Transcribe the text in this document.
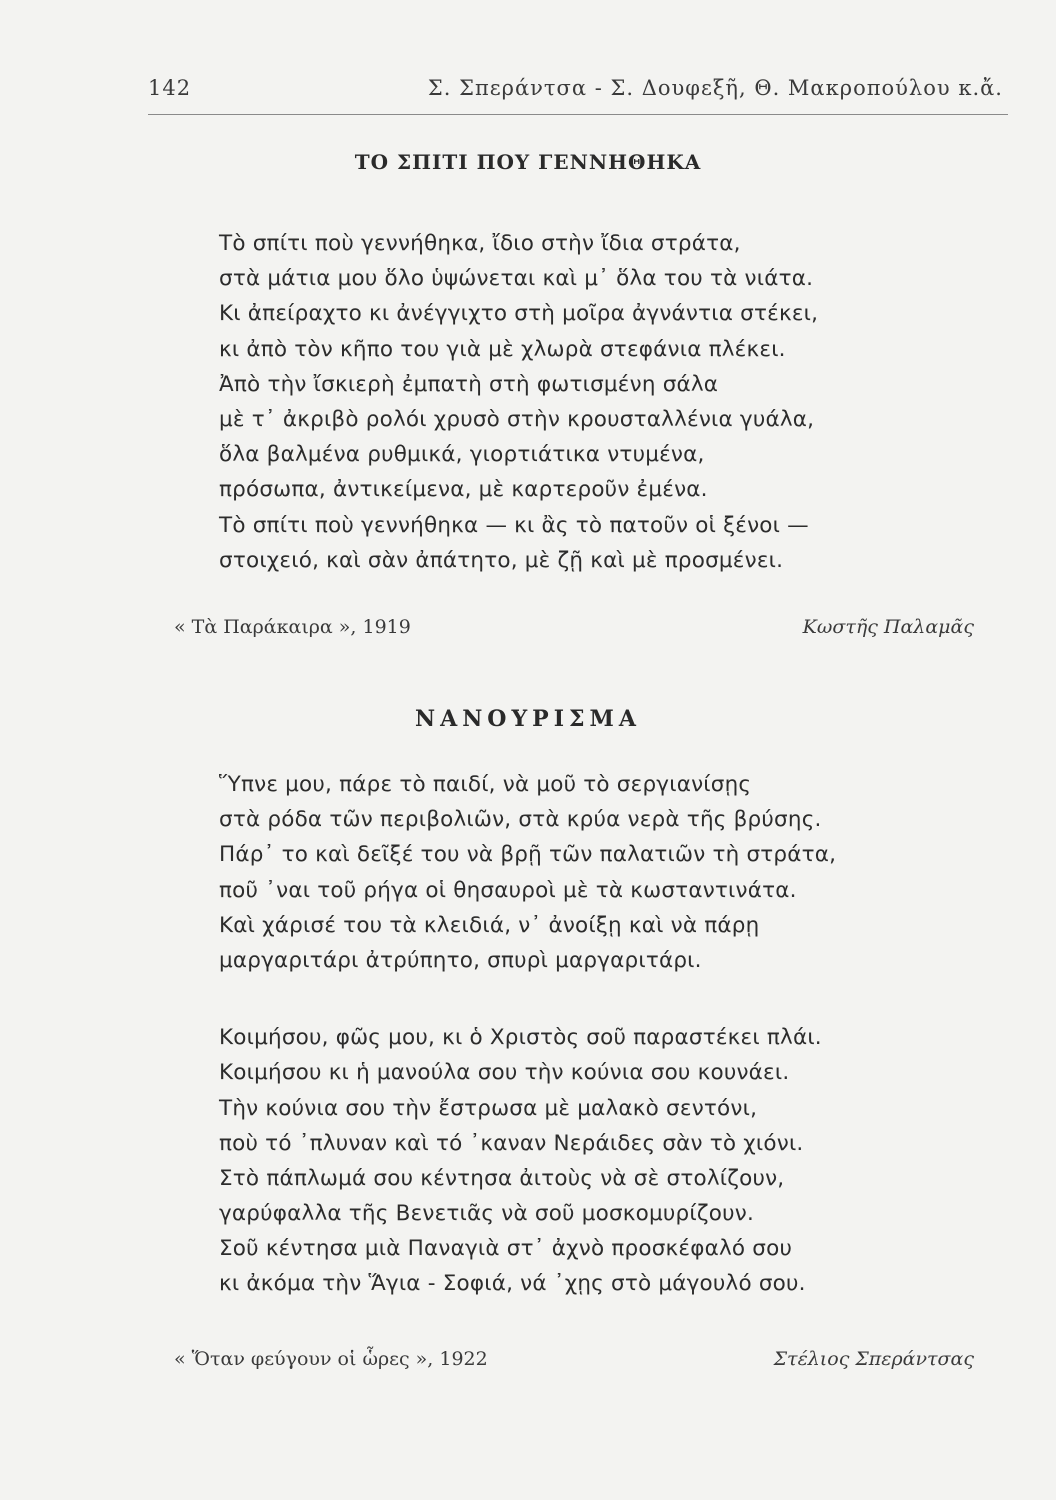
142	Σ. Σπεράντσα - Σ. Δουφεξῆ, Θ. Μακροπούλου κ.ἄ.
ΤΟ ΣΠΙΤΙ ΠΟΥ ΓΕΝΝΗΘΗΚΑ
Τὸ σπίτι ποὺ γεννήθηκα, ἴδιο στὴν ἴδια στράτα,
στὰ μάτια μου ὅλο ὑψώνεται καὶ μ᾿ ὅλα του τὰ νιάτα.
Κι ἀπείραχτο κι ἀνέγγιχτο στὴ μοῖρα ἀγνάντια στέκει,
κι ἀπὸ τὸν κῆπο του γιὰ μὲ χλωρὰ στεφάνια πλέκει.
Ἀπὸ τὴν ἴσκιερὴ ἐμπατὴ στὴ φωτισμένη σάλα
μὲ τ᾿ ἀκριβὸ ρολόι χρυσὸ στὴν κρουσταλλένια γυάλα,
ὅλα βαλμένα ρυθμικά, γιορτιάτικα ντυμένα,
πρόσωπα, ἀντικείμενα, μὲ καρτεροῦν ἐμένα.
Τὸ σπίτι ποὺ γεννήθηκα — κι ἂς τὸ πατοῦν οἱ ξένοι —
στοιχειό, καὶ σὰν ἀπάτητο, μὲ ζῇ καὶ μὲ προσμένει.
« Τὰ Παράκαιρα », 1919	Κωστῆς Παλαμᾶς
ΝΑΝΟΥΡΙΣΜΑ
Ὕπνε μου, πάρε τὸ παιδί, νὰ μοῦ τὸ σεργιανίσῃς
στὰ ρόδα τῶν περιβολιῶν, στὰ κρύα νερὰ τῆς βρύσης.
Πάρ᾿ το καὶ δεῖξέ του νὰ βρῇ τῶν παλατιῶν τὴ στράτα,
ποῦ ᾿ναι τοῦ ρήγα οἱ θησαυροὶ μὲ τὰ κωσταντινάτα.
Καὶ χάρισέ του τὰ κλειδιά, ν᾿ ἀνοίξῃ καὶ νὰ πάρῃ
μαργαριτάρι ἀτρύπητο, σπυρὶ μαργαριτάρι.
Κοιμήσου, φῶς μου, κι ὁ Χριστὸς σοῦ παραστέκει πλάι.
Κοιμήσου κι ἡ μανούλα σου τὴν κούνια σου κουνάει.
Τὴν κούνια σου τὴν ἔστρωσα μὲ μαλακὸ σεντόνι,
ποὺ τό ᾿πλυναν καὶ τό ᾿καναν Νεράιδες σὰν τὸ χιόνι.
Στὸ πάπλωμά σου κέντησα ἀιτοὺς νὰ σὲ στολίζουν,
γαρύφαλλα τῆς Βενετιᾶς νὰ σοῦ μοσκομυρίζουν.
Σοῦ κέντησα μιὰ Παναγιὰ στ᾿ ἀχνὸ προσκέφαλό σου
κι ἀκόμα τὴν Ἅγια - Σοφιά, νά ᾿χῃς στὸ μάγουλό σου.
« Ὅταν φεύγουν οἱ ὧρες », 1922	Στέλιος Σπεράντσας
